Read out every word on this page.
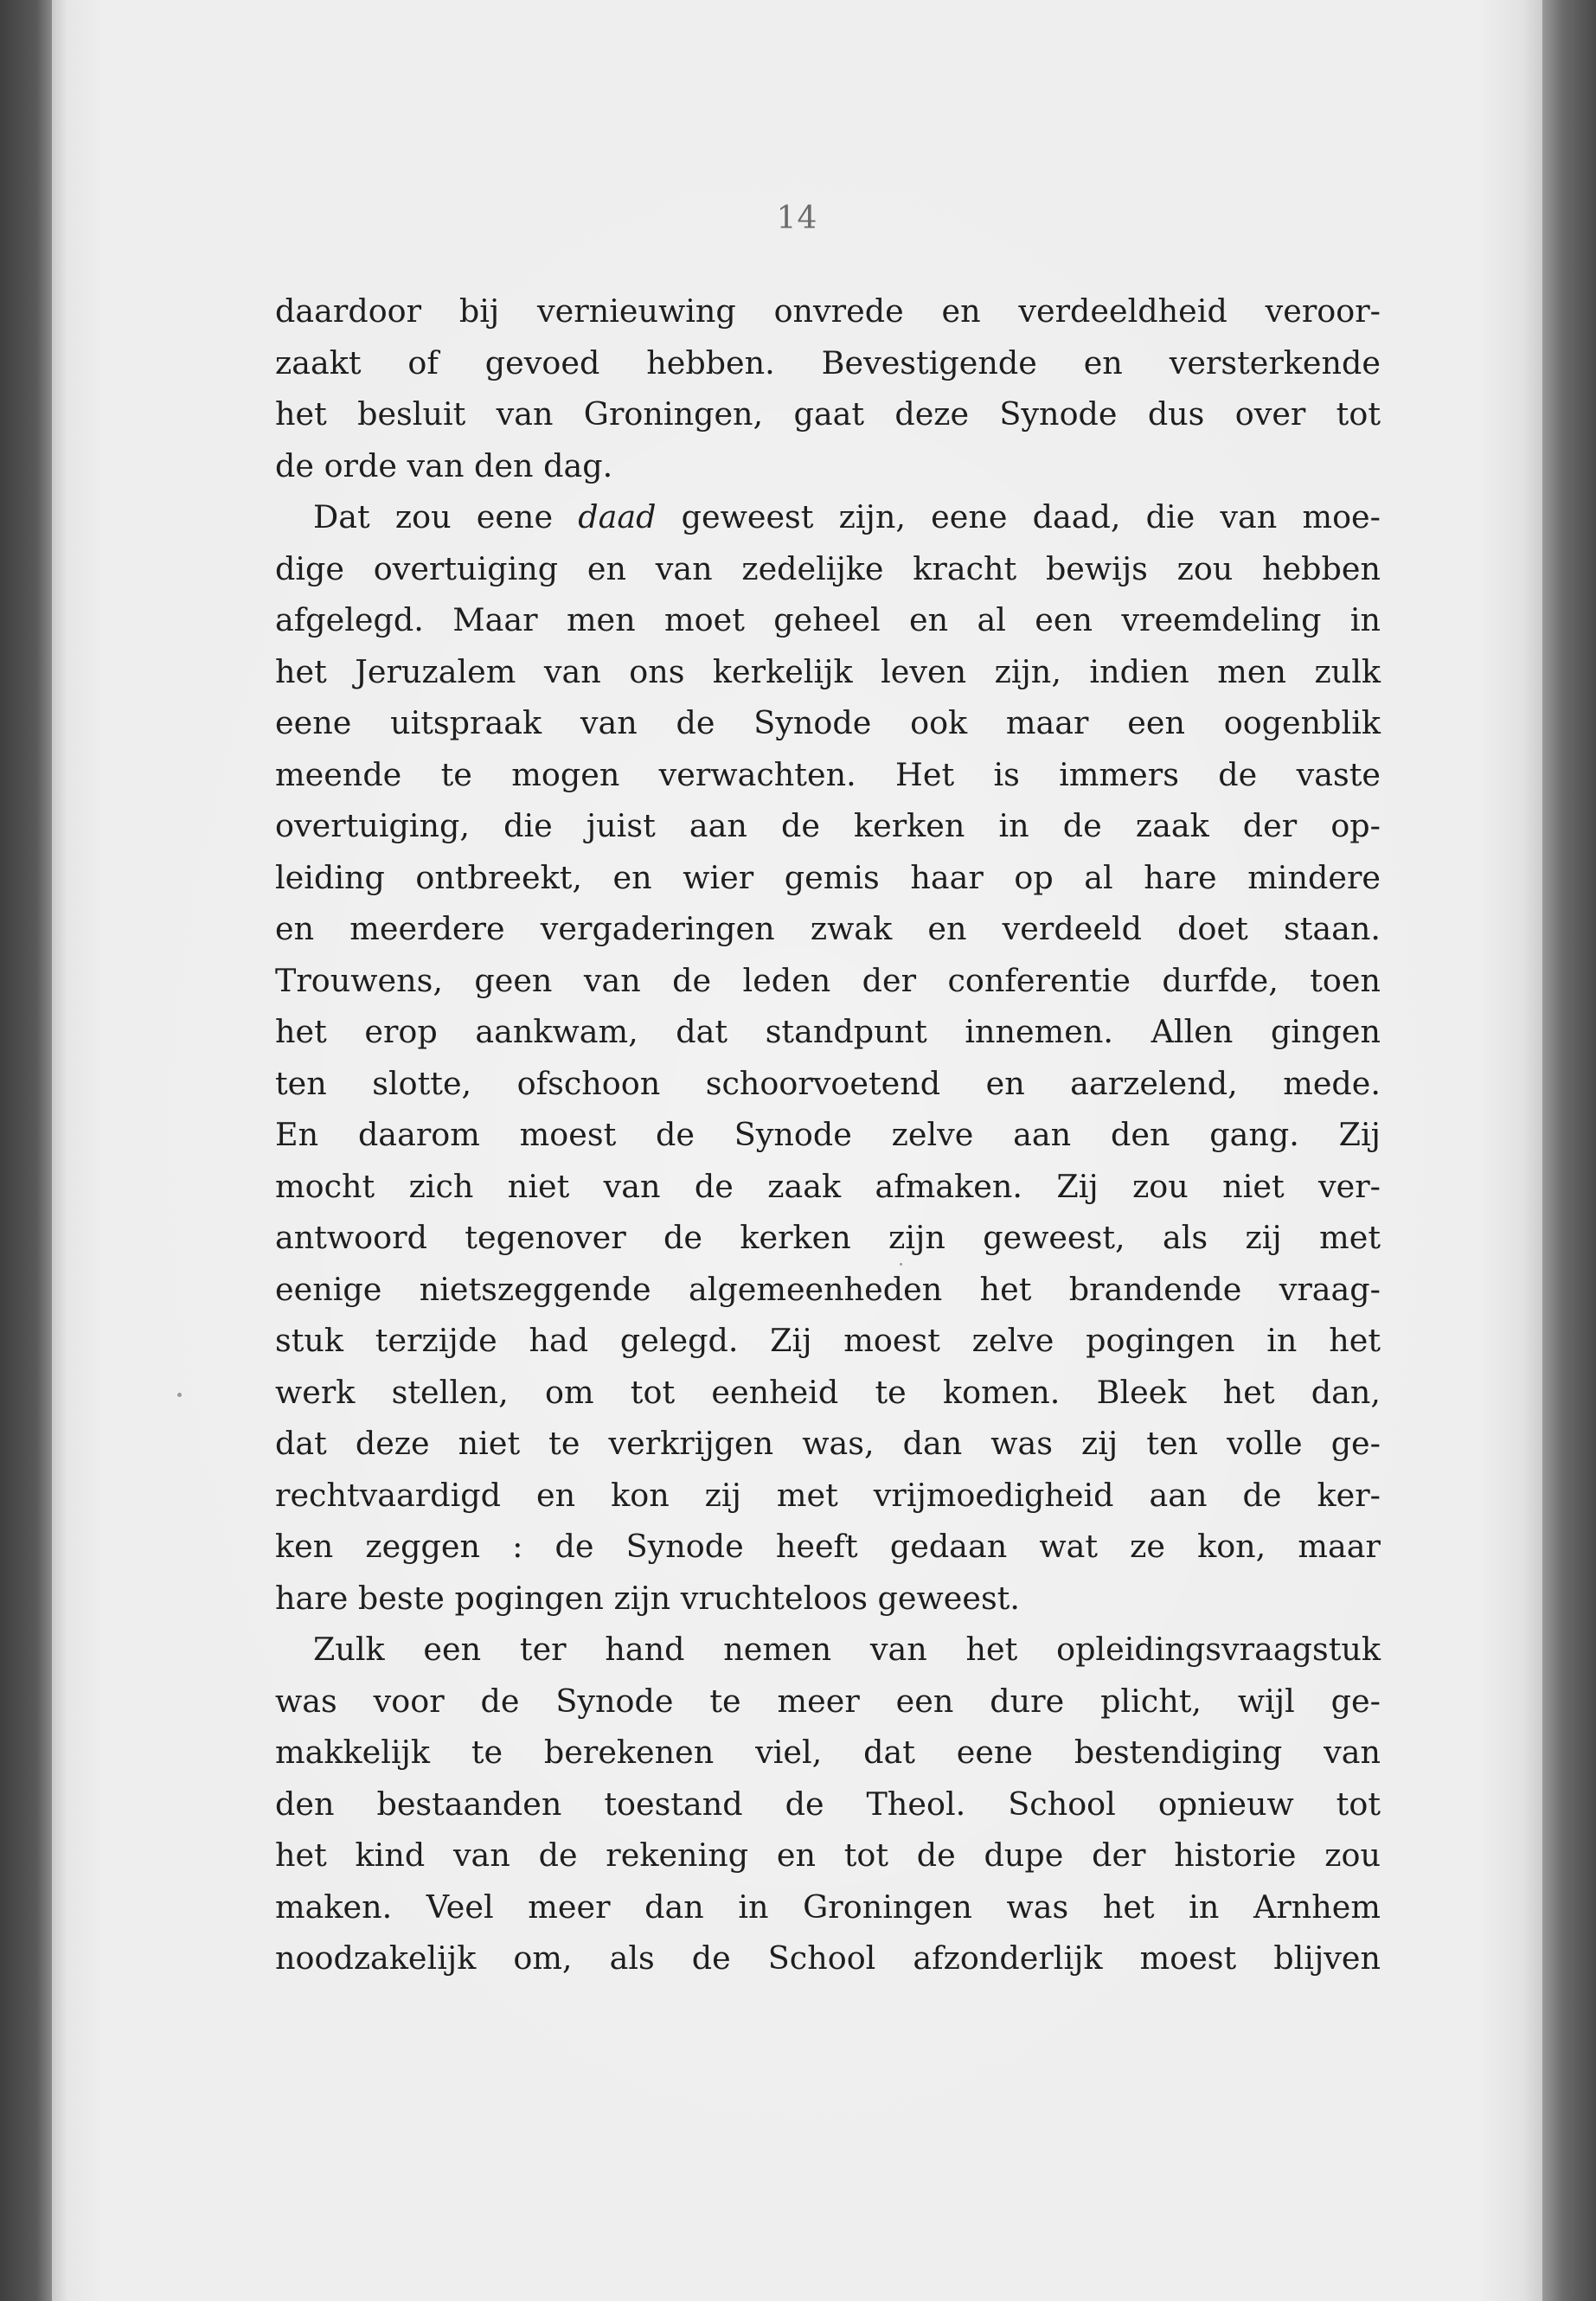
14
daardoor bij vernieuwing onvrede en verdeeldheid veroor-
zaakt of gevoed hebben. Bevestigende en versterkende
het besluit van Groningen, gaat deze Synode dus over tot
de orde van den dag.
Dat zou eene daad geweest zijn, eene daad, die van moe-
dige overtuiging en van zedelijke kracht bewijs zou hebben
afgelegd. Maar men moet geheel en al een vreemdeling in
het Jeruzalem van ons kerkelijk leven zijn, indien men zulk
eene uitspraak van de Synode ook maar een oogenblik
meende te mogen verwachten. Het is immers de vaste
overtuiging, die juist aan de kerken in de zaak der op-
leiding ontbreekt, en wier gemis haar op al hare mindere
en meerdere vergaderingen zwak en verdeeld doet staan.
Trouwens, geen van de leden der conferentie durfde, toen
het erop aankwam, dat standpunt innemen. Allen gingen
ten slotte, ofschoon schoorvoetend en aarzelend, mede.
En daarom moest de Synode zelve aan den gang. Zij
mocht zich niet van de zaak afmaken. Zij zou niet ver-
antwoord tegenover de kerken zijn geweest, als zij met
eenige nietszeggende algemeenheden het brandende vraag-
stuk terzijde had gelegd. Zij moest zelve pogingen in het
werk stellen, om tot eenheid te komen. Bleek het dan,
dat deze niet te verkrijgen was, dan was zij ten volle ge-
rechtvaardigd en kon zij met vrijmoedigheid aan de ker-
ken zeggen : de Synode heeft gedaan wat ze kon, maar
hare beste pogingen zijn vruchteloos geweest.
Zulk een ter hand nemen van het opleidingsvraagstuk
was voor de Synode te meer een dure plicht, wijl ge-
makkelijk te berekenen viel, dat eene bestendiging van
den bestaanden toestand de Theol. School opnieuw tot
het kind van de rekening en tot de dupe der historie zou
maken. Veel meer dan in Groningen was het in Arnhem
noodzakelijk om, als de School afzonderlijk moest blijven
